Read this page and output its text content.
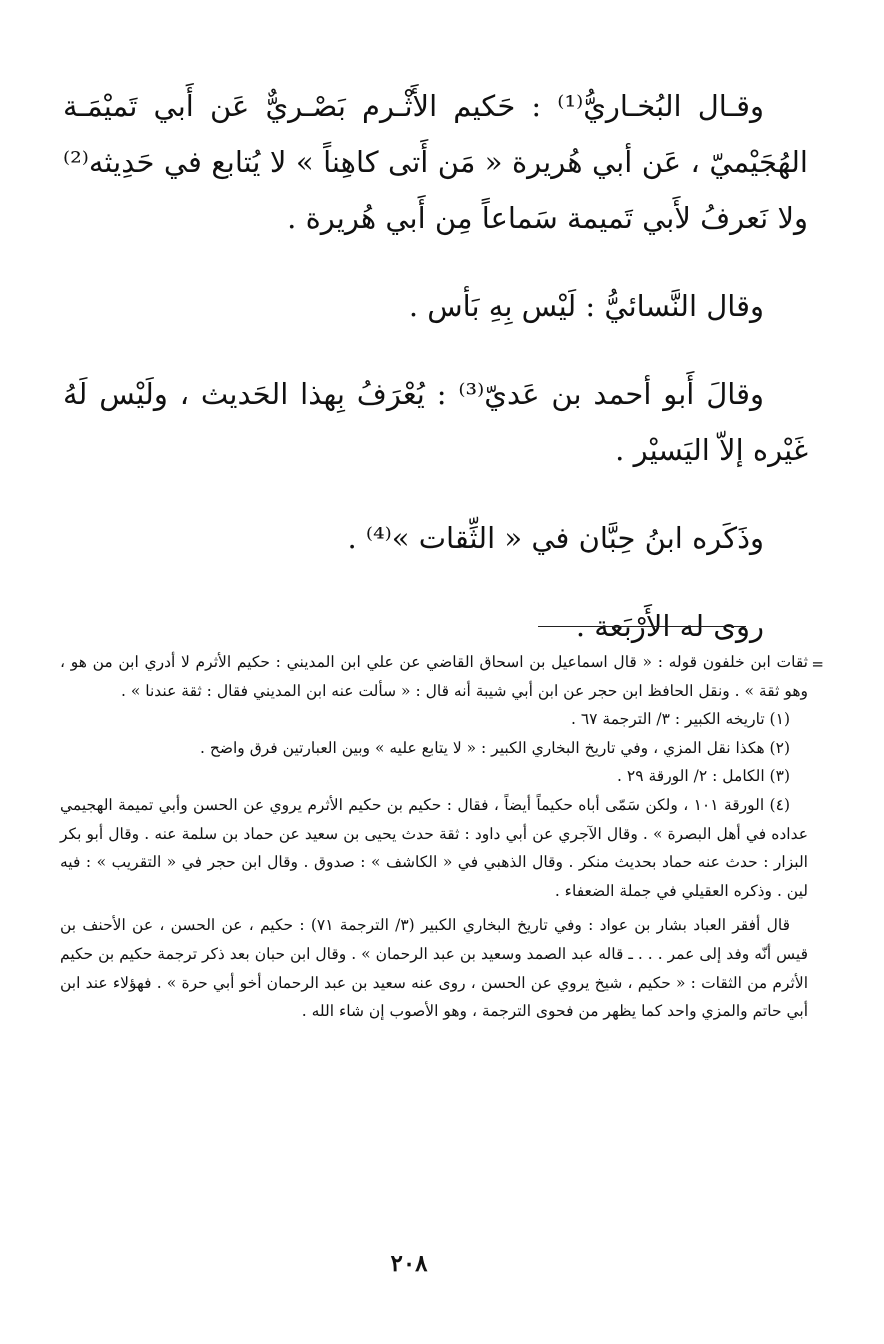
وقـال البُخـاريُّ⁽¹⁾ : حَكيم الأَثْـرم بَصْـريٌّ عَن أَبي تَميْمَـة الهُجَيْميّ ، عَن أبي هُريرة « مَن أَتى كاهِناً » لا يُتابع في حَدِيثه⁽²⁾ ولا نَعرفُ لأَبي تَميمة سَماعاً مِن أَبي هُريرة .

وقال النَّسائيُّ : لَيْس بِهِ بَأس .

وقالَ أَبو أحمد بن عَديّ⁽³⁾ : يُعْرَفُ بِهذا الحَديث ، ولَيْس لَهُ غَيْره إلاّ اليَسيْر .

وذَكَره ابنُ حِبَّان في « الثِّقات »⁽⁴⁾ .

روى له الأَرْبَعة .

=
ثقات ابن خلفون قوله : « قال اسماعيل بن اسحاق القاضي عن علي ابن المديني : حكيم الأثرم لا أدري ابن من هو ، وهو ثقة » . ونقل الحافظ ابن حجر عن ابن أبي شيبة أنه قال : « سألت عنه ابن المديني فقال : ثقة عندنا » .

(١) تاريخه الكبير : ٣/ الترجمة ٦٧ .

(٢) هكذا نقل المزي ، وفي تاريخ البخاري الكبير : « لا يتابع عليه » وبين العبارتين فرق واضح .

(٣) الكامل : ٢/ الورقة ٢٩ .

(٤) الورقة ١٠١ ، ولكن سَمّى أباه حكيماً أيضاً ، فقال : حكيم بن حكيم الأثرم يروي عن الحسن وأبي تميمة الهجيمي عداده في أهل البصرة » . وقال الآجري عن أبي داود : ثقة حدث يحيى بن سعيد عن حماد بن سلمة عنه . وقال أبو بكر البزار : حدث عنه حماد بحديث منكر . وقال الذهبي في « الكاشف » : صدوق . وقال ابن حجر في « التقريب » : فيه لين . وذكره العقيلي في جملة الضعفاء .

قال أفقر العباد بشار بن عواد : وفي تاريخ البخاري الكبير (٣/ الترجمة ٧١) : حكيم ، عن الحسن ، عن الأحنف بن قيس أنّه وفد إلى عمر . . . ـ قاله عبد الصمد وسعيد بن عبد الرحمان » . وقال ابن حبان بعد ذكر ترجمة حكيم بن حكيم الأثرم من الثقات : « حكيم ، شيخ يروي عن الحسن ، روى عنه سعيد بن عبد الرحمان أخو أبي حرة » . فهؤلاء عند ابن أبي حاتم والمزي واحد كما يظهر من فحوى الترجمة ، وهو الأصوب إن شاء الله .

٢٠٨
